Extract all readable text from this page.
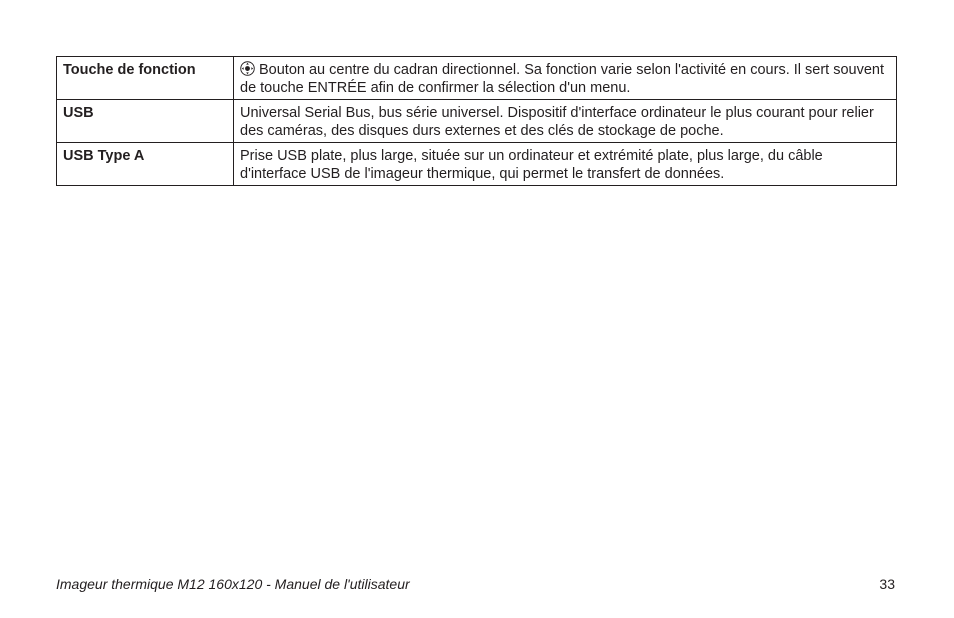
Touche de fonction	Bouton au centre du cadran directionnel. Sa fonction varie selon l'activité en cours. Il sert souvent de touche ENTRÉE afin de confirmer la sélection d'un menu.

USB	Universal Serial Bus, bus série universel. Dispositif d'interface ordinateur le plus courant pour relier des caméras, des disques durs externes et des clés de stockage de poche.

USB Type A	Prise USB plate, plus large, située sur un ordinateur et extrémité plate, plus large, du câble d'interface USB de l'imageur thermique, qui permet le transfert de données.
Imageur thermique M12 160x120 - Manuel de l'utilisateur	33
